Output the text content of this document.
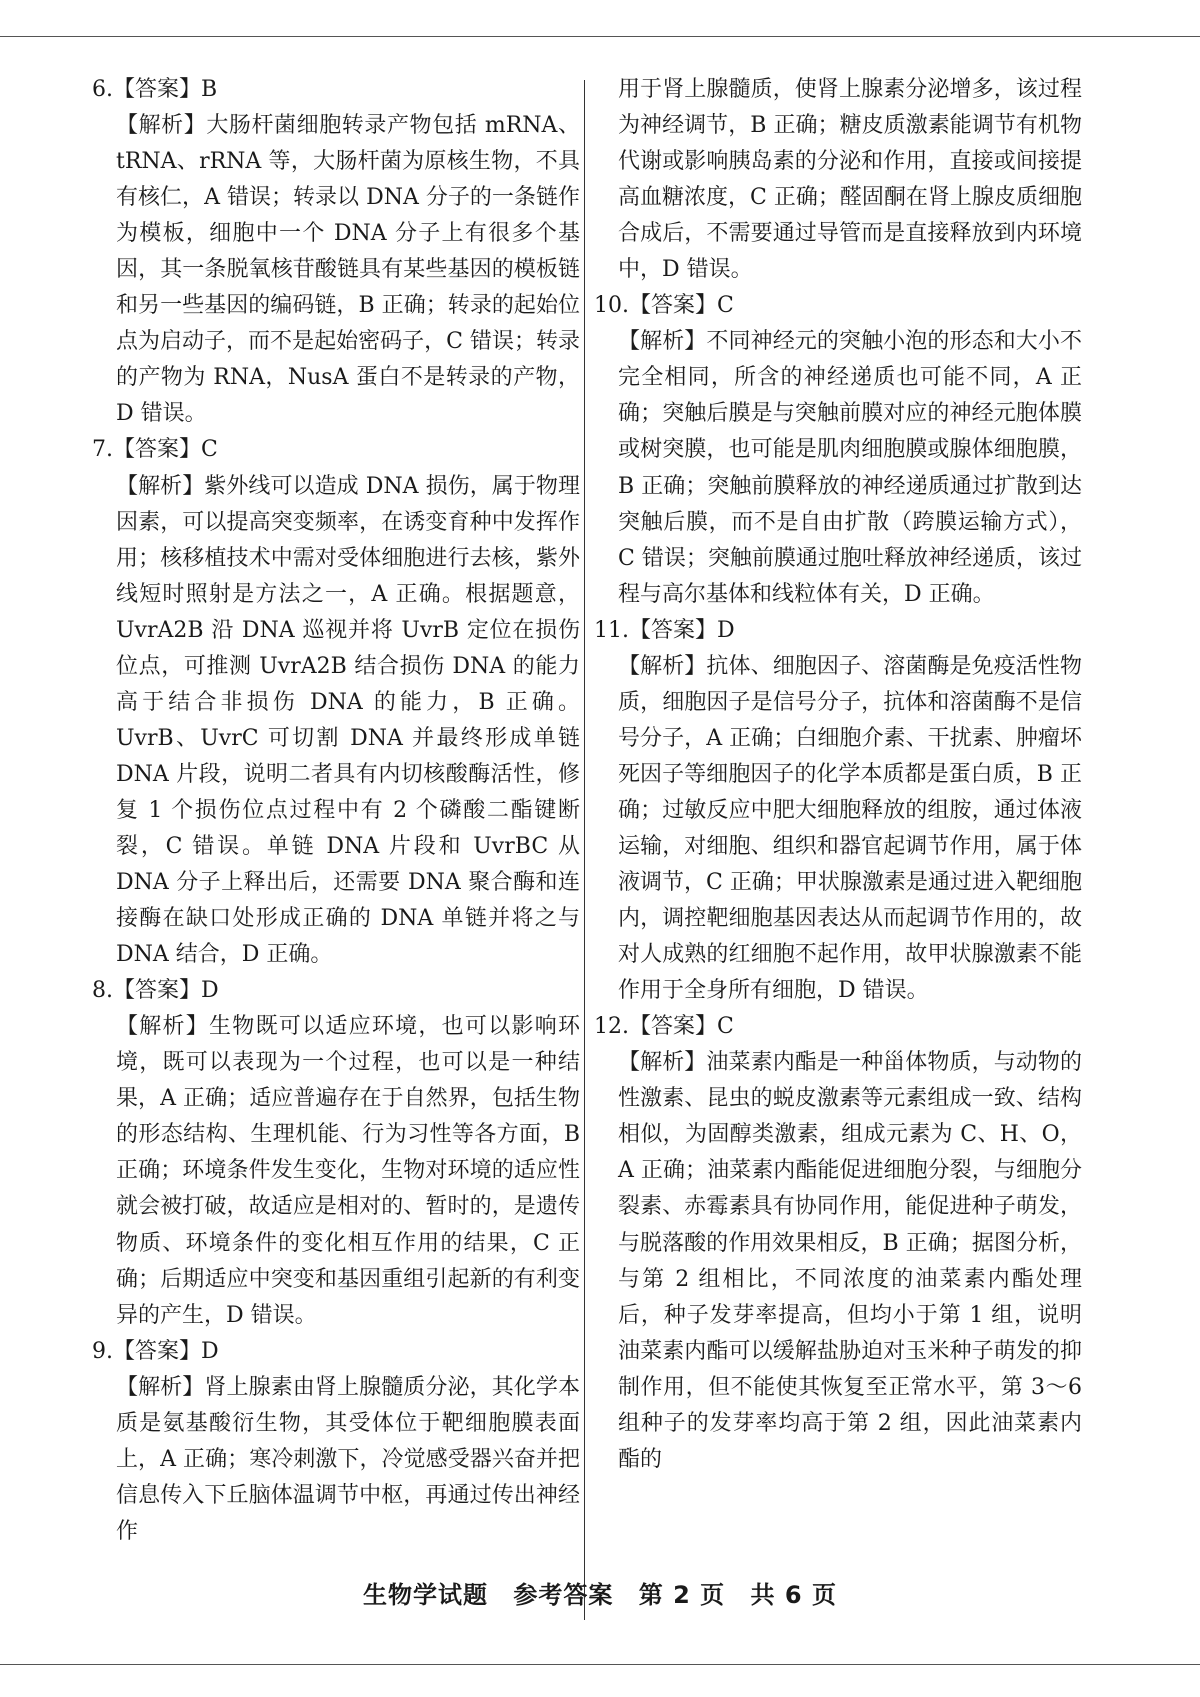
6.【答案】B
【解析】大肠杆菌细胞转录产物包括 mRNA、tRNA、rRNA 等，大肠杆菌为原核生物，不具有核仁，A 错误；转录以 DNA 分子的一条链作为模板，细胞中一个 DNA 分子上有很多个基因，其一条脱氧核苷酸链具有某些基因的模板链和另一些基因的编码链，B 正确；转录的起始位点为启动子，而不是起始密码子，C 错误；转录的产物为 RNA，NusA 蛋白不是转录的产物，D 错误。
7.【答案】C
【解析】紫外线可以造成 DNA 损伤，属于物理因素，可以提高突变频率，在诱变育种中发挥作用；核移植技术中需对受体细胞进行去核，紫外线短时照射是方法之一，A 正确。根据题意，UvrA2B 沿 DNA 巡视并将 UvrB 定位在损伤位点，可推测 UvrA2B 结合损伤 DNA 的能力高于结合非损伤 DNA 的能力，B 正确。UvrB、UvrC 可切割 DNA 并最终形成单链 DNA 片段，说明二者具有内切核酸酶活性，修复 1 个损伤位点过程中有 2 个磷酸二酯键断裂，C 错误。单链 DNA 片段和 UvrBC 从 DNA 分子上释出后，还需要 DNA 聚合酶和连接酶在缺口处形成正确的 DNA 单链并将之与 DNA 结合，D 正确。
8.【答案】D
【解析】生物既可以适应环境，也可以影响环境，既可以表现为一个过程，也可以是一种结果，A 正确；适应普遍存在于自然界，包括生物的形态结构、生理机能、行为习性等各方面，B 正确；环境条件发生变化，生物对环境的适应性就会被打破，故适应是相对的、暂时的，是遗传物质、环境条件的变化相互作用的结果，C 正确；后期适应中突变和基因重组引起新的有利变异的产生，D 错误。
9.【答案】D
【解析】肾上腺素由肾上腺髓质分泌，其化学本质是氨基酸衍生物，其受体位于靶细胞膜表面上，A 正确；寒冷刺激下，冷觉感受器兴奋并把信息传入下丘脑体温调节中枢，再通过传出神经作
用于肾上腺髓质，使肾上腺素分泌增多，该过程为神经调节，B 正确；糖皮质激素能调节有机物代谢或影响胰岛素的分泌和作用，直接或间接提高血糖浓度，C 正确；醛固酮在肾上腺皮质细胞合成后，不需要通过导管而是直接释放到内环境中，D 错误。
10.【答案】C
【解析】不同神经元的突触小泡的形态和大小不完全相同，所含的神经递质也可能不同，A 正确；突触后膜是与突触前膜对应的神经元胞体膜或树突膜，也可能是肌肉细胞膜或腺体细胞膜，B 正确；突触前膜释放的神经递质通过扩散到达突触后膜，而不是自由扩散（跨膜运输方式），C 错误；突触前膜通过胞吐释放神经递质，该过程与高尔基体和线粒体有关，D 正确。
11.【答案】D
【解析】抗体、细胞因子、溶菌酶是免疫活性物质，细胞因子是信号分子，抗体和溶菌酶不是信号分子，A 正确；白细胞介素、干扰素、肿瘤坏死因子等细胞因子的化学本质都是蛋白质，B 正确；过敏反应中肥大细胞释放的组胺，通过体液运输，对细胞、组织和器官起调节作用，属于体液调节，C 正确；甲状腺激素是通过进入靶细胞内，调控靶细胞基因表达从而起调节作用的，故对人成熟的红细胞不起作用，故甲状腺激素不能作用于全身所有细胞，D 错误。
12.【答案】C
【解析】油菜素内酯是一种甾体物质，与动物的性激素、昆虫的蜕皮激素等元素组成一致、结构相似，为固醇类激素，组成元素为 C、H、O，A 正确；油菜素内酯能促进细胞分裂，与细胞分裂素、赤霉素具有协同作用，能促进种子萌发，与脱落酸的作用效果相反，B 正确；据图分析，与第 2 组相比，不同浓度的油菜素内酯处理后，种子发芽率提高，但均小于第 1 组，说明油菜素内酯可以缓解盐胁迫对玉米种子萌发的抑制作用，但不能使其恢复至正常水平，第 3～6 组种子的发芽率均高于第 2 组，因此油菜素内酯的
生物学试题 参考答案 第 2 页 共 6 页
